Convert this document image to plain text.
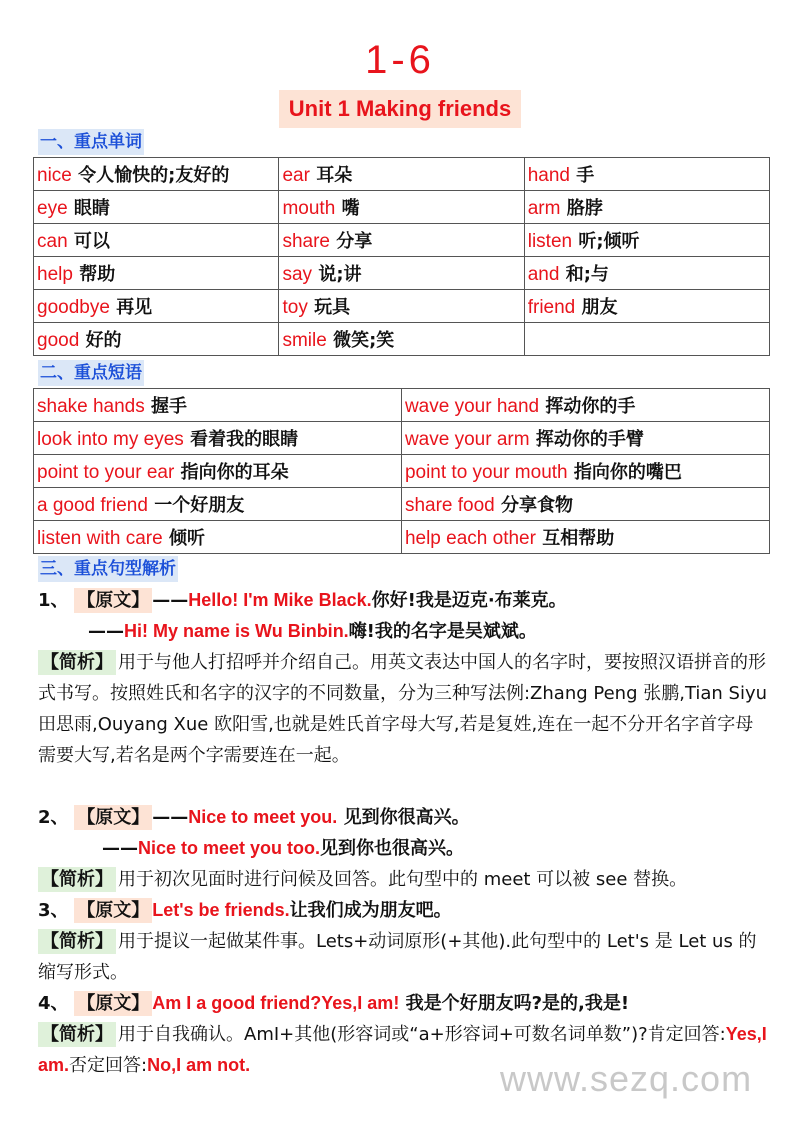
1-6
Unit 1 Making friends
一、重点单词
nice 令人愉快的;友好的	ear 耳朵	hand 手
eye 眼睛	mouth 嘴	arm 胳脖
can 可以	share 分享	listen 听;倾听
help 帮助	say 说;讲	and 和;与
goodbye 再见	toy 玩具	friend 朋友
good 好的	smile 微笑;笑	
二、重点短语
shake hands 握手	wave your hand 挥动你的手
look into my eyes 看着我的眼睛	wave your arm 挥动你的手臂
point to your ear 指向你的耳朵	point to your mouth 指向你的嘴巴
a good friend 一个好朋友	share food 分享食物
listen with care 倾听	help each other 互相帮助
三、重点句型解析
1、 【原文】 ——Hello! I'm Mike Black.你好!我是迈克·布莱克。
——Hi! My name is Wu Binbin.嗨!我的名字是吴斌斌。
【简析】 用于与他人打招呼并介绍自己。用英文表达中国人的名字时，要按照汉语拼音的形式书写。按照姓氏和名字的汉字的不同数量，分为三种写法例:Zhang Peng 张鹏,Tian Siyu 田思雨,Ouyang Xue 欧阳雪,也就是姓氏首字母大写,若是复姓,连在一起不分开名字首字母需要大写,若名是两个字需要连在一起。
2、 【原文】 ——Nice to meet you. 见到你很高兴。
——Nice to meet you too.见到你也很高兴。
【简析】 用于初次见面时进行问候及回答。此句型中的 meet 可以被 see 替换。
3、 【原文】 Let's be friends.让我们成为朋友吧。
【简析】 用于提议一起做某件事。Lets+动词原形(+其他).此句型中的 Let's 是 Let us 的缩写形式。
4、 【原文】 Am I a good friend?Yes,I am! 我是个好朋友吗?是的,我是!
【简析】 用于自我确认。AmI+其他(形容词或“a+形容词+可数名词单数”)?肯定回答:Yes,I am.否定回答:No,I am not.	www.sezq.com
